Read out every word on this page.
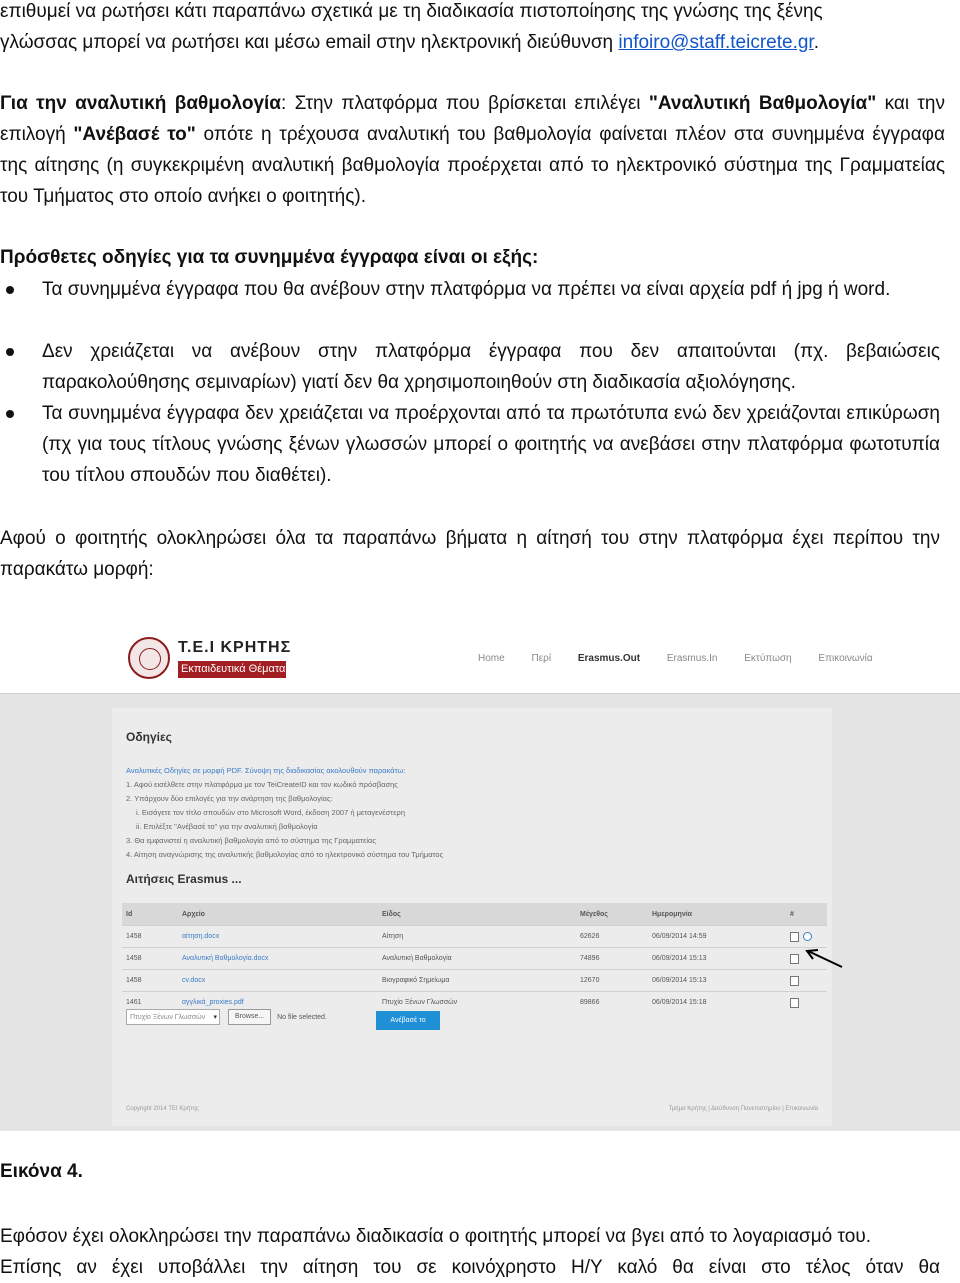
επιθυμεί να ρωτήσει κάτι παραπάνω σχετικά με τη διαδικασία πιστοποίησης της γνώσης της ξένης
γλώσσας μπορεί να ρωτήσει και μέσω email στην ηλεκτρονική διεύθυνση infoiro@staff.teicrete.gr.
Για την αναλυτική βαθμολογία: Στην πλατφόρμα που βρίσκεται επιλέγει "Αναλυτική Βαθμολογία" και την επιλογή "Ανέβασέ το" οπότε η τρέχουσα αναλυτική του βαθμολογία φαίνεται πλέον στα συνημμένα έγγραφα της αίτησης (η συγκεκριμένη αναλυτική βαθμολογία προέρχεται από το ηλεκτρονικό σύστημα της Γραμματείας του Τμήματος στο οποίο ανήκει ο φοιτητής).
Πρόσθετες οδηγίες για τα συνημμένα έγγραφα είναι οι εξής:
Τα συνημμένα έγγραφα που θα ανέβουν στην πλατφόρμα να πρέπει να είναι αρχεία pdf ή jpg ή word.
Δεν χρειάζεται να ανέβουν στην πλατφόρμα έγγραφα που δεν απαιτούνται (πχ. βεβαιώσεις παρακολούθησης σεμιναρίων) γιατί δεν θα χρησιμοποιηθούν στη διαδικασία αξιολόγησης.
Τα συνημμένα έγγραφα δεν χρειάζεται να προέρχονται από τα πρωτότυπα ενώ δεν χρειάζονται επικύρωση (πχ για τους τίτλους γνώσης ξένων γλωσσών μπορεί ο φοιτητής να ανεβάσει στην πλατφόρμα φωτοτυπία του τίτλου σπουδών που διαθέτει).
Αφού ο φοιτητής ολοκληρώσει όλα τα παραπάνω βήματα η αίτησή του στην πλατφόρμα έχει περίπου την παρακάτω μορφή:
Τ.Ε.Ι ΚΡΗΤΗΣ
Εκπαιδευτικά Θέματα
Home	Περί	Erasmus.Out	Erasmus.In	Εκτύπωση	Επικοινωνία
Οδηγίες
Αναλυτικές Οδηγίες σε μορφή PDF. Σύνοψη της διαδικασίας ακολουθούν παρακάτω:
1. Αφού εισέλθετε στην πλατφόρμα με τον TeiCreateID και τον κωδικό πρόσβασης
2. Υπάρχουν δύο επιλογές για την ανάρτηση της βαθμολογίας:
i. Εισάγετε τον τίτλο σπουδών στο Microsoft Word, έκδοση 2007 ή μεταγενέστερη
ii. Επιλέξτε "Ανέβασέ το" για την αναλυτική βαθμολογία
3. Θα εμφανιστεί η αναλυτική βαθμολογία από το σύστημα της Γραμματείας
4. Αίτηση αναγνώρισης της αναλυτικής βαθμολογίας από το ηλεκτρονικό σύστημα του Τμήματος
Αιτήσεις Erasmus ...
Id	Αρχείο	Είδος	Μέγεθος	Ημερομηνία	#
1458	αίτηση.docx	Αίτηση	62626	06/09/2014 14:59	
1458	Αναλυτική Βαθμολογία.docx	Αναλυτική Βαθμολογία	74896	06/09/2014 15:13	
1458	cv.docx	Βιογραφικό Σημείωμα	12670	06/09/2014 15:13	
1461	αγγλικά_proxies.pdf	Πτυχίο Ξένων Γλωσσών	89866	06/09/2014 15:18	
Πτυχίο Ξένων Γλωσσών ▾	Browse... No file selected.	Ανέβασέ το
Copyright 2014 ΤΕΙ Κρήτης	Τμήμα Κρήτης | Διεύθυνση Πανεπιστημίου | Επικοινωνία
Εικόνα 4.
Εφόσον έχει ολοκληρώσει την παραπάνω διαδικασία ο φοιτητής μπορεί να βγει από το λογαριασμό του.
Επίσης αν έχει υποβάλλει την αίτηση του σε κοινόχρηστο Η/Υ καλό θα είναι στο τέλος όταν θα
